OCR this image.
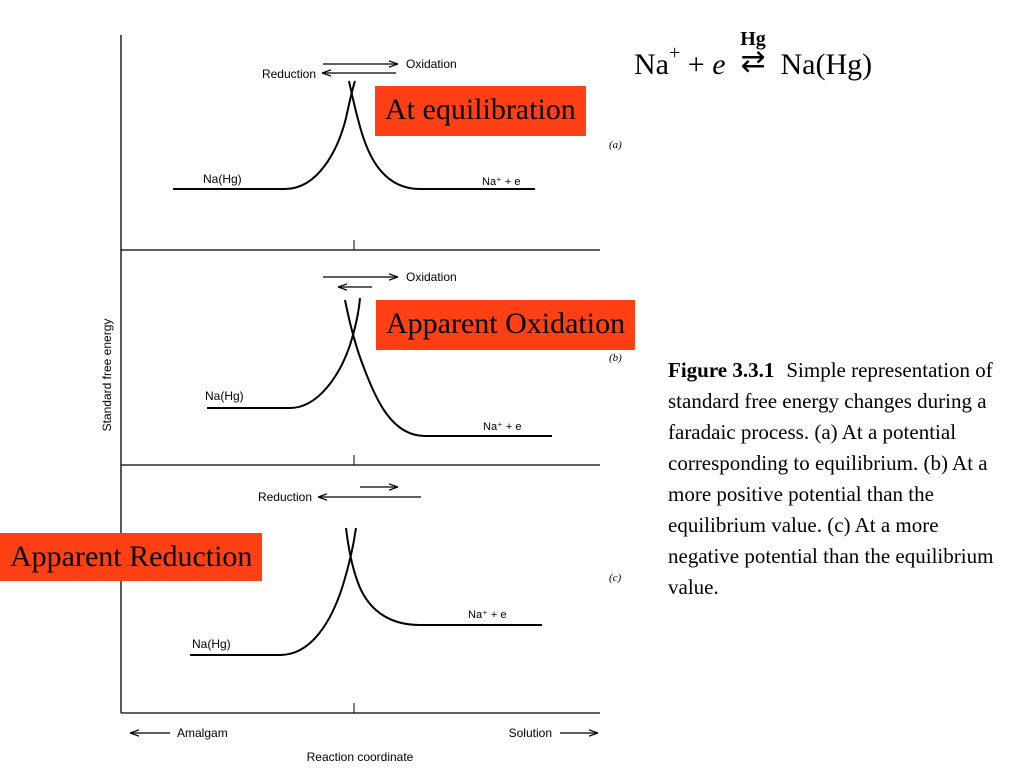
Standard free energy
Oxidation
Reduction
Na(Hg)	Na⁺ + e
(a)
Oxidation
Na(Hg)
Na⁺ + e
(b)
Reduction
Na(Hg)
Na⁺ + e
(c)
Amalgam	Solution
Reaction coordinate
At equilibration
Apparent Oxidation
Apparent Reduction
Na+ + e
Hg
⇄ Na(Hg)
Figure 3.3.1 Simple representation of standard free energy changes during a faradaic process. (a) At a potential corresponding to equilibrium. (b) At a more positive potential than the equilibrium value. (c) At a more negative potential than the equilibrium value.
